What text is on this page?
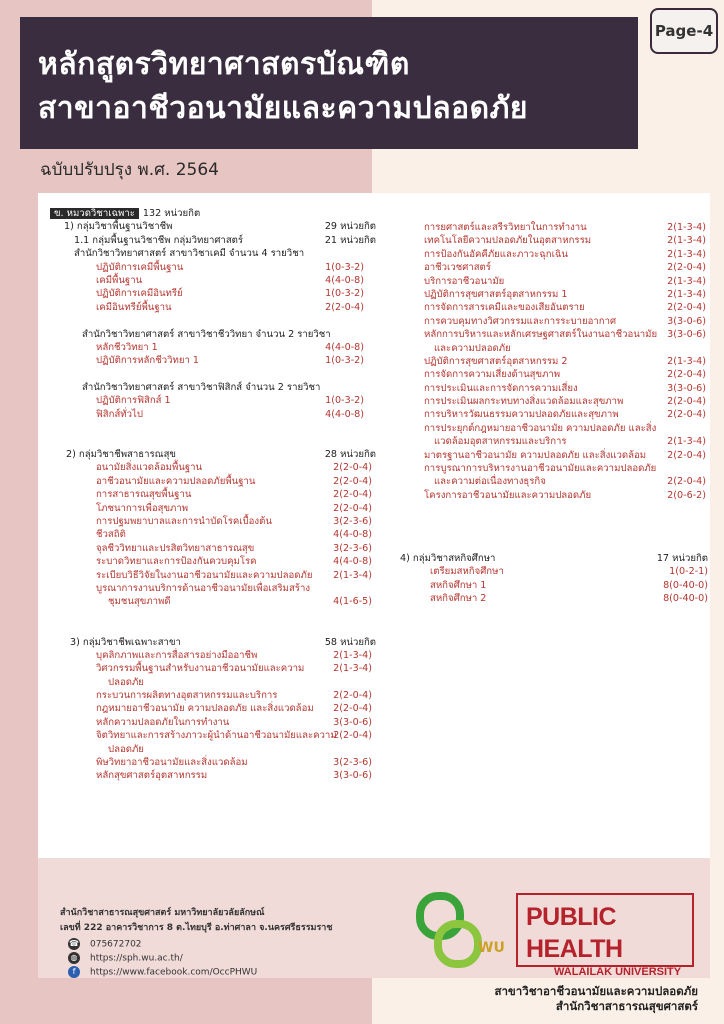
Page-4
หลักสูตรวิทยาศาสตรบัณฑิต
สาขาอาชีวอนามัยและความปลอดภัย
ฉบับปรับปรุง พ.ศ. 2564
ข. หมวดวิชาเฉพาะ 132 หน่วยกิต
1) กลุ่มวิชาพื้นฐานวิชาชีพ	29 หน่วยกิต
1.1 กลุ่มพื้นฐานวิชาชีพ กลุ่มวิทยาศาสตร์	21 หน่วยกิต
สำนักวิชาวิทยาศาสตร์ สาขาวิชาเคมี จำนวน 4 รายวิชา
ปฏิบัติการเคมีพื้นฐาน	1(0-3-2)
เคมีพื้นฐาน	4(4-0-8)
ปฏิบัติการเคมีอินทรีย์	1(0-3-2)
เคมีอินทรีย์พื้นฐาน	2(2-0-4)
สำนักวิชาวิทยาศาสตร์ สาขาวิชาชีววิทยา จำนวน 2 รายวิชา
หลักชีววิทยา 1	4(4-0-8)
ปฏิบัติการหลักชีววิทยา 1	1(0-3-2)
สำนักวิชาวิทยาศาสตร์ สาขาวิชาฟิสิกส์ จำนวน 2 รายวิชา
ปฏิบัติการฟิสิกส์ 1	1(0-3-2)
ฟิสิกส์ทั่วไป	4(4-0-8)
2) กลุ่มวิชาชีพสาธารณสุข	28 หน่วยกิต
อนามัยสิ่งแวดล้อมพื้นฐาน	2(2-0-4)
อาชีวอนามัยและความปลอดภัยพื้นฐาน	2(2-0-4)
การสาธารณสุขพื้นฐาน	2(2-0-4)
โภชนาการเพื่อสุขภาพ	2(2-0-4)
การปฐมพยาบาลและการนำบัดโรคเบื้องต้น	3(2-3-6)
ชีวสถิติ	4(4-0-8)
จุลชีววิทยาและปรสิตวิทยาสาธารณสุข	3(2-3-6)
ระบาดวิทยาและการป้องกันควบคุมโรค	4(4-0-8)
ระเบียบวิธีวิจัยในงานอาชีวอนามัยและความปลอดภัย 2(1-3-4)
บูรณาการงานบริการด้านอาชีวอนามัยเพื่อเสริมสร้าง
ชุมชนสุขภาพดี	4(1-6-5)
3) กลุ่มวิชาชีพเฉพาะสาขา	58 หน่วยกิต
บุคลิกภาพและการสื่อสารอย่างมืออาชีพ	2(1-3-4)
วิศวกรรมพื้นฐานสำหรับงานอาชีวอนามัยและความ	2(1-3-4)
ปลอดภัย
กระบวนการผลิตทางอุตสาหกรรมและบริการ	2(2-0-4)
กฎหมายอาชีวอนามัย ความปลอดภัย และสิ่งแวดล้อม 2(2-0-4)
หลักความปลอดภัยในการทำงาน	3(3-0-6)
จิตวิทยาและการสร้างภาวะผู้นำด้านอาชีวอนามัยและความ
2(2-0-4)
ปลอดภัย
พิษวิทยาอาชีวอนามัยและสิ่งแวดล้อม	3(2-3-6)
หลักสุขศาสตร์อุตสาหกรรม	3(3-0-6)
การยศาสตร์และสรีรวิทยาในการทำงาน	2(1-3-4)
เทคโนโลยีความปลอดภัยในอุตสาหกรรม	2(1-3-4)
การป้องกันอัคคีภัยและภาวะฉุกเฉิน	2(1-3-4)
อาชีวเวชศาสตร์	2(2-0-4)
บริการอาชีวอนามัย	2(1-3-4)
ปฏิบัติการสุขศาสตร์อุตสาหกรรม 1	2(1-3-4)
การจัดการสารเคมีและของเสียอันตราย	2(2-0-4)
การควบคุมทางวิศวกรรมและการระบายอากาศ	3(3-0-6)
หลักการบริหารและหลักเศรษฐศาสตร์ในงานอาชีวอนามัย 3(3-0-6)
และความปลอดภัย
ปฏิบัติการสุขศาสตร์อุตสาหกรรม 2	2(1-3-4)
การจัดการความเสี่ยงด้านสุขภาพ	2(2-0-4)
การประเมินและการจัดการความเสี่ยง	3(3-0-6)
การประเมินผลกระทบทางสิ่งแวดล้อมและสุขภาพ	2(2-0-4)
การบริหารวัฒนธรรมความปลอดภัยและสุขภาพ	2(2-0-4)
การประยุกต์กฎหมายอาชีวอนามัย ความปลอดภัย และสิ่ง
แวดล้อมอุตสาหกรรมและบริการ	2(1-3-4)
มาตรฐานอาชีวอนามัย ความปลอดภัย และสิ่งแวดล้อม 2(2-0-4)
การบูรณาการบริหารงานอาชีวอนามัยและความปลอดภัย
และความต่อเนื่องทางธุรกิจ	2(2-0-4)
โครงการอาชีวอนามัยและความปลอดภัย	2(0-6-2)
4) กลุ่มวิชาสหกิจศึกษา	17 หน่วยกิต
เตรียมสหกิจศึกษา	1(0-2-1)
สหกิจศึกษา 1	8(0-40-0)
สหกิจศึกษา 2	8(0-40-0)
สำนักวิชาสาธารณสุขศาสตร์ มหาวิทยาลัยวลัยลักษณ์
เลขที่ 222 อาคารวิชาการ 8 ต.ไทยบุรี อ.ท่าศาลา จ.นครศรีธรรมราช
☎ 075672702
◍ https://sph.wu.ac.th/
f https://www.facebook.com/OccPHWU
WU
PUBLIC HEALTH
WALAILAK UNIVERSITY
สาขาวิชาอาชีวอนามัยและความปลอดภัย
สำนักวิชาสาธารณสุขศาสตร์
